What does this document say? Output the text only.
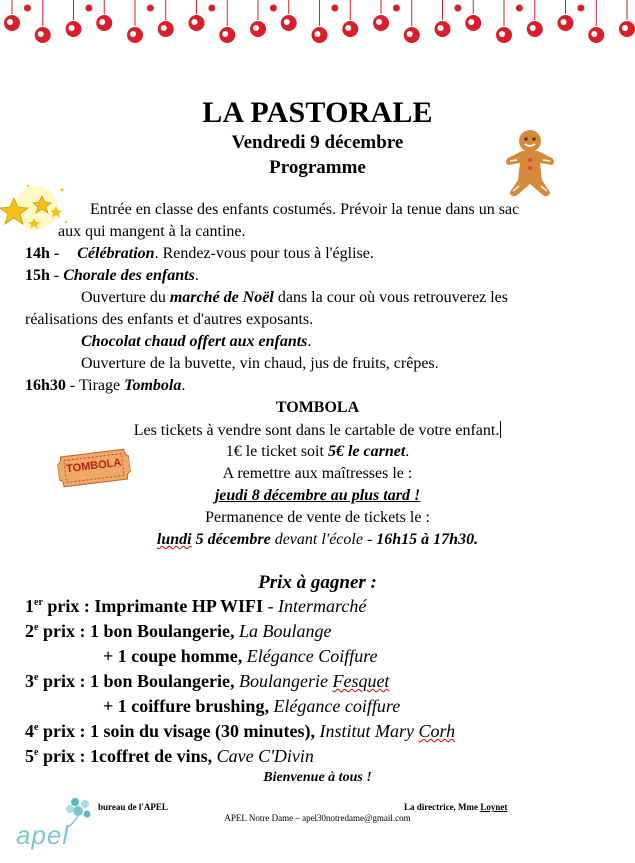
LA PASTORALE
Vendredi 9 décembre
Programme
Entrée en classe des enfants costumés. Prévoir la tenue dans un sac
aux qui mangent à la cantine.
14h - Célébration. Rendez-vous pour tous à l'église.
15h - Chorale des enfants.
Ouverture du marché de Noël dans la cour où vous retrouverez les
réalisations des enfants et d'autres exposants.
Chocolat chaud offert aux enfants.
Ouverture de la buvette, vin chaud, jus de fruits, crêpes.
16h30 - Tirage Tombola.
TOMBOLA
Les tickets à vendre sont dans le cartable de votre enfant.
1€ le ticket soit 5€ le carnet.
A remettre aux maîtresses le :
jeudi 8 décembre au plus tard !
Permanence de vente de tickets le :
lundi 5 décembre devant l'école - 16h15 à 17h30.
TOMBOLA
Prix à gagner :
1er prix : Imprimante HP WIFI - Intermarché
2e prix : 1 bon Boulangerie, La Boulange
+ 1 coupe homme, Elégance Coiffure
3e prix : 1 bon Boulangerie, Boulangerie Fesquet
+ 1 coiffure brushing, Elégance coiffure
4e prix : 1 soin du visage (30 minutes), Institut Mary Corh
5e prix : 1coffret de vins, Cave C'Divin
Bienvenue à tous !
bureau de l'APEL	La directrice, Mme Loynet
APEL Notre Dame – apel30notredame@gmail.com
apel
